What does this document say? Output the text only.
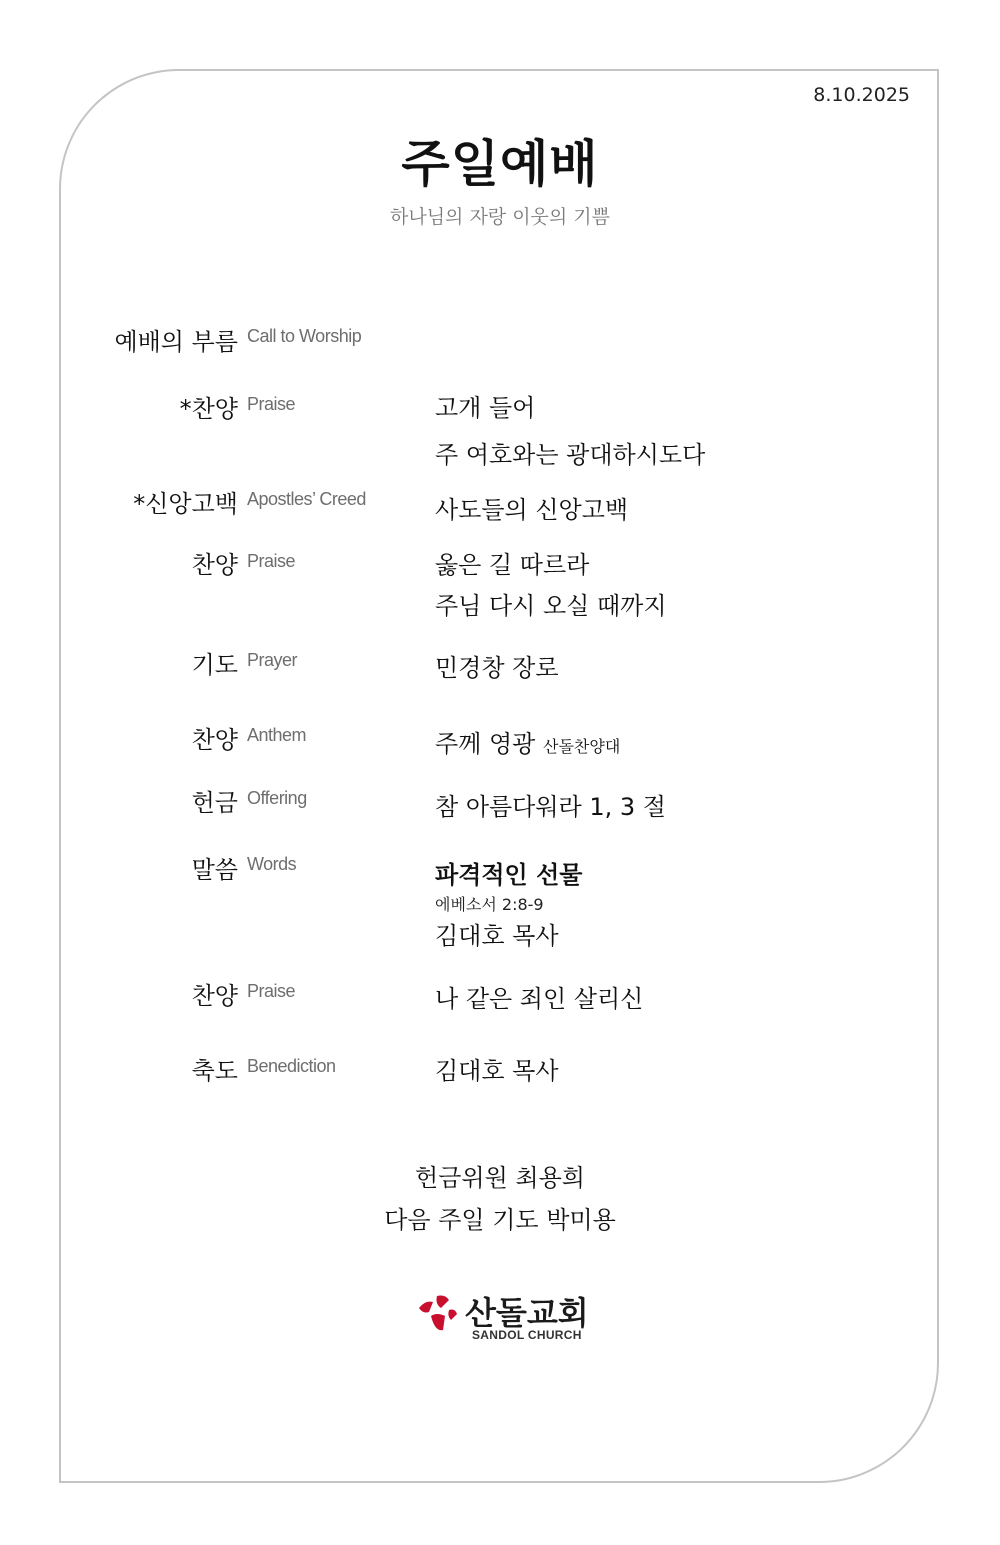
8.10.2025
주일예배
하나님의 자랑 이웃의 기쁨
예배의 부름 Call to Worship
*찬양 Praise	고개 들어
주 여호와는 광대하시도다
*신앙고백 Apostles’ Creed	사도들의 신앙고백
찬양 Praise	옳은 길 따르라
주님 다시 오실 때까지
기도 Prayer	민경창 장로
찬양 Anthem	주께 영광 산돌찬양대
헌금 Offering	참 아름다워라 1, 3 절
말씀 Words	파격적인 선물
에베소서 2:8-9
김대호 목사
찬양 Praise	나 같은 죄인 살리신
축도 Benediction	김대호 목사
헌금위원 최용희
다음 주일 기도 박미용
산돌교회
SANDOL CHURCH
